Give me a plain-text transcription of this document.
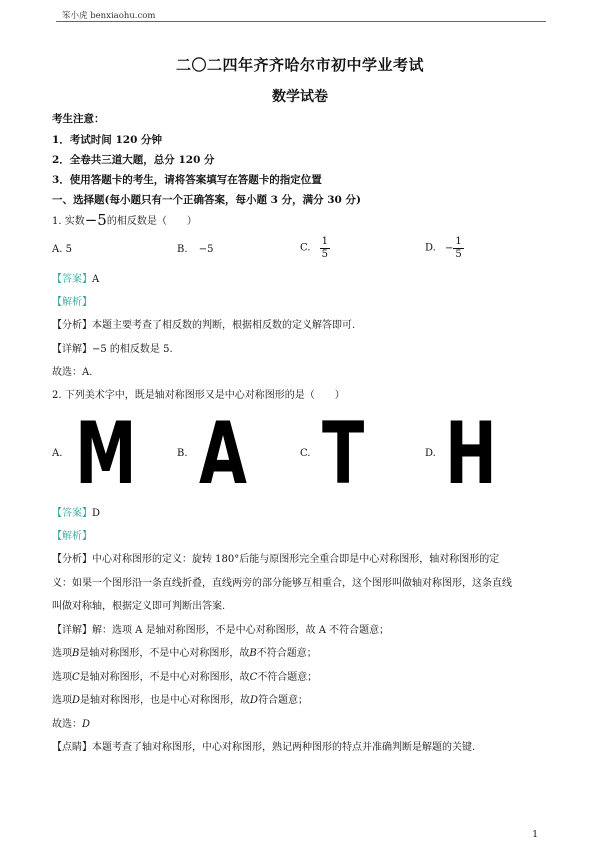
笨小虎 benxiaohu.com
二〇二四年齐齐哈尔市初中学业考试
数学试卷
考生注意：
1．考试时间 120 分钟
2．全卷共三道大题，总分 120 分
3．使用答题卡的考生，请将答案填写在答题卡的指定位置
一、选择题(每小题只有一个正确答案，每小题 3 分，满分 30 分)
1. 实数−5的相反数是（　　）
A. 5	B. −5	C. $\frac{1}{5}$	D. − $\frac{1}{5}$
【答案】A
【解析】
【分析】本题主要考查了相反数的判断，根据相反数的定义解答即可.
【详解】−5 的相反数是 5.
故选：A.
2. 下列美术字中，既是轴对称图形又是中心对称图形的是（　　）
A. M	B. A	C. T	D. H
【答案】D
【解析】
【分析】中心对称图形的定义：旋转 180°后能与原图形完全重合即是中心对称图形，轴对称图形的定
义：如果一个图形沿一条直线折叠，直线两旁的部分能够互相重合，这个图形叫做轴对称图形，这条直线
叫做对称轴，根据定义即可判断出答案.
【详解】解：选项 A 是轴对称图形，不是中心对称图形，故 A 不符合题意；
选项B是轴对称图形，不是中心对称图形，故B不符合题意；
选项C是轴对称图形，不是中心对称图形，故C不符合题意；
选项D是轴对称图形，也是中心对称图形，故D符合题意；
故选：D
【点睛】本题考查了轴对称图形，中心对称图形，熟记两种图形的特点并准确判断是解题的关键.
1
